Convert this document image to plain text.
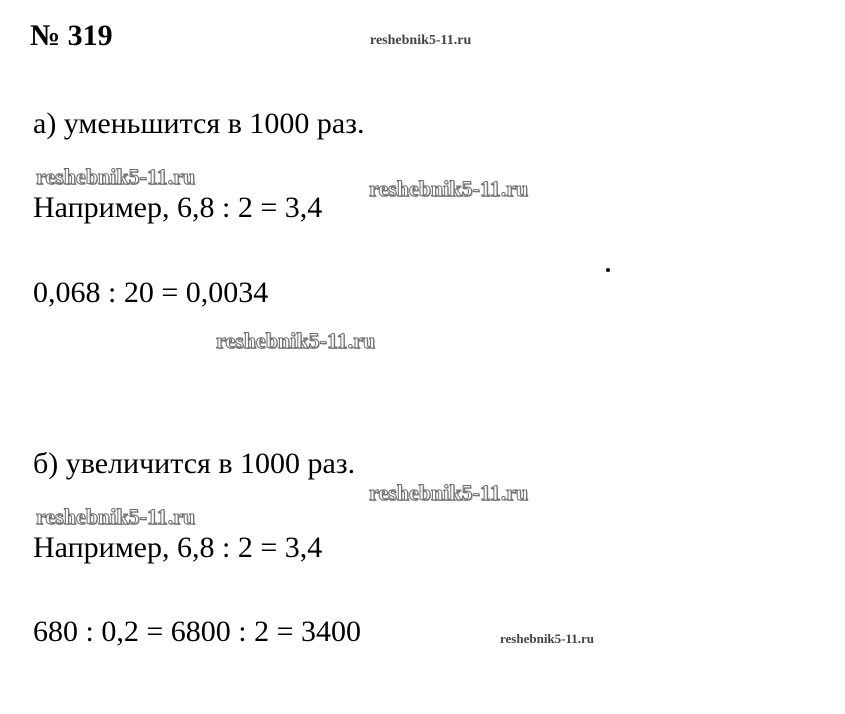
№ 319	reshebnik5-11.ru
а) уменьшится в 1000 раз.
reshebnik5-11.ru	reshebnik5-11.ru
Например, 6,8 : 2 = 3,4
0,068 : 20 = 0,0034
reshebnik5-11.ru
б) увеличится в 1000 раз.
reshebnik5-11.ru
reshebnik5-11.ru
Например, 6,8 : 2 = 3,4
680 : 0,2 = 6800 : 2 = 3400	reshebnik5-11.ru
